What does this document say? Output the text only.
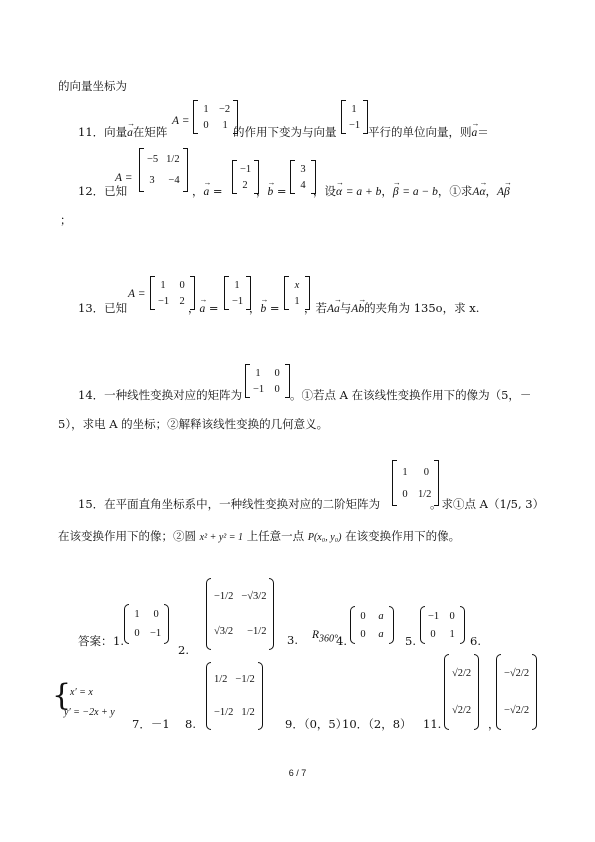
的向量坐标为
11．向量→ a在矩阵
A =
1 −2
0 1 的作用下变为与向量
1
−1 平行的单位向量，则→ a＝
A =
−5 1/2
3 −4
12．已知	，→ a =
−1
2 ，→ b =
3
4 ，设→ α = a + b，→ β = a − b，①求A→ α，A→ β
；
A =
1 0
−1 2
13．已知	，→ a =
1
−1 ，→ b =
x
1 ，若A→ a与A→ b的夹角为 135o，求 x.
1 0
−1 0
14．一种线性变换对应的矩阵为	。①若点 A 在该线性变换作用下的像为（5，－
5），求电 A 的坐标；②解释该线性变换的几何意义。
1 0
0 1/2
15．在平面直角坐标系中，一种线性变换对应的二阶矩阵为	。求①点 A（1/5, 3）
在该变换作用下的像；②圆 x² + y² = 1 上任意一点 P(x₀, y₀) 在该变换作用下的像。
答案： 1.
1 0
0 −1
2.
−1/2 −√3/2
√3/2 −1/2
3. $R_{360^\circ}$
4.
0 a
0 a 5.
−1 0
0 1 6.
{
x′ = x
y′ = −2x + y
7．－1 8.
1/2 −1/2
−1/2 1/2
9．（0，5）
10．（2，8） 11.
√2/2
√2/2
，
−√2/2
−√2/2
6 / 7
